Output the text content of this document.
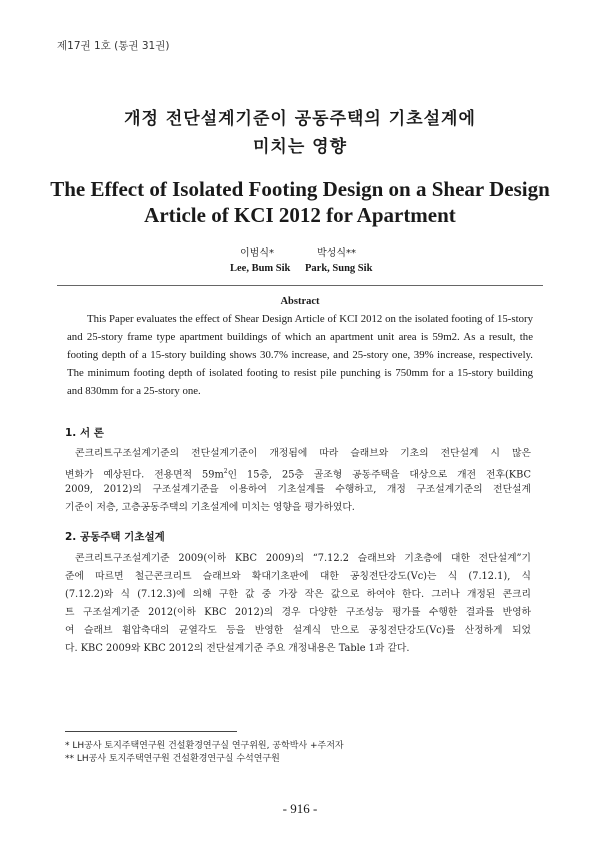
제17권 1호 (통권 31권)
개정 전단설계기준이 공동주택의 기초설계에
미치는 영향
The Effect of Isolated Footing Design on a Shear Design
Article of KCI 2012 for Apartment
이범식*	박성식**
Lee, Bum Sik Park, Sung Sik
Abstract
This Paper evaluates the effect of Shear Design Article of KCI 2012 on the isolated footing of 15-story and 25-story frame type apartment buildings of which an apartment unit area is 59m2. As a result, the footing depth of a 15-story building shows 30.7% increase, and 25-story one, 39% increase, respectively. The minimum footing depth of isolated footing to resist pile punching is 750mm for a 15-story building and 830mm for a 25-story one.
1. 서 론
콘크리트구조설계기준의 전단설계기준이 개정됨에 따라 슬래브와 기초의 전단설계 시 많은
변화가 예상된다. 전용면적 $59m^2$인 15층, 25층 골조형 공동주택을 대상으로 개전 전후(KBC
2009, 2012)의 구조설계기준을 이용하여 기초설계를 수행하고, 개정 구조설계기준의 전단설계
기준이 저층, 고층공동주택의 기초설계에 미치는 영향을 평가하였다.
2. 공동주택 기초설계
콘크리트구조설계기준 2009(이하 KBC 2009)의 “7.12.2 슬래브와 기초층에 대한 전단설계”기
준에 따르면 철근콘크리트 슬래브와 확대기초판에 대한 공칭전단강도(Vc)는 식 (7.12.1), 식
(7.12.2)와 식 (7.12.3)에 의해 구한 값 중 가장 작은 값으로 하여야 한다. 그러나 개정된 콘크리
트 구조설계기준 2012(이하 KBC 2012)의 경우 다양한 구조성능 평가를 수행한 결과를 반영하
여 슬래브 휨압축대의 균열각도 등을 반영한 설계식 만으로 공칭전단강도(Vc)를 산정하게 되었
다. KBC 2009와 KBC 2012의 전단설계기준 주요 개정내용은 Table 1과 같다.
* LH공사 토지주택연구원 건설환경연구실 연구위원, 공학박사 +주저자
** LH공사 토지주택연구원 건설환경연구실 수석연구원
- 916 -
